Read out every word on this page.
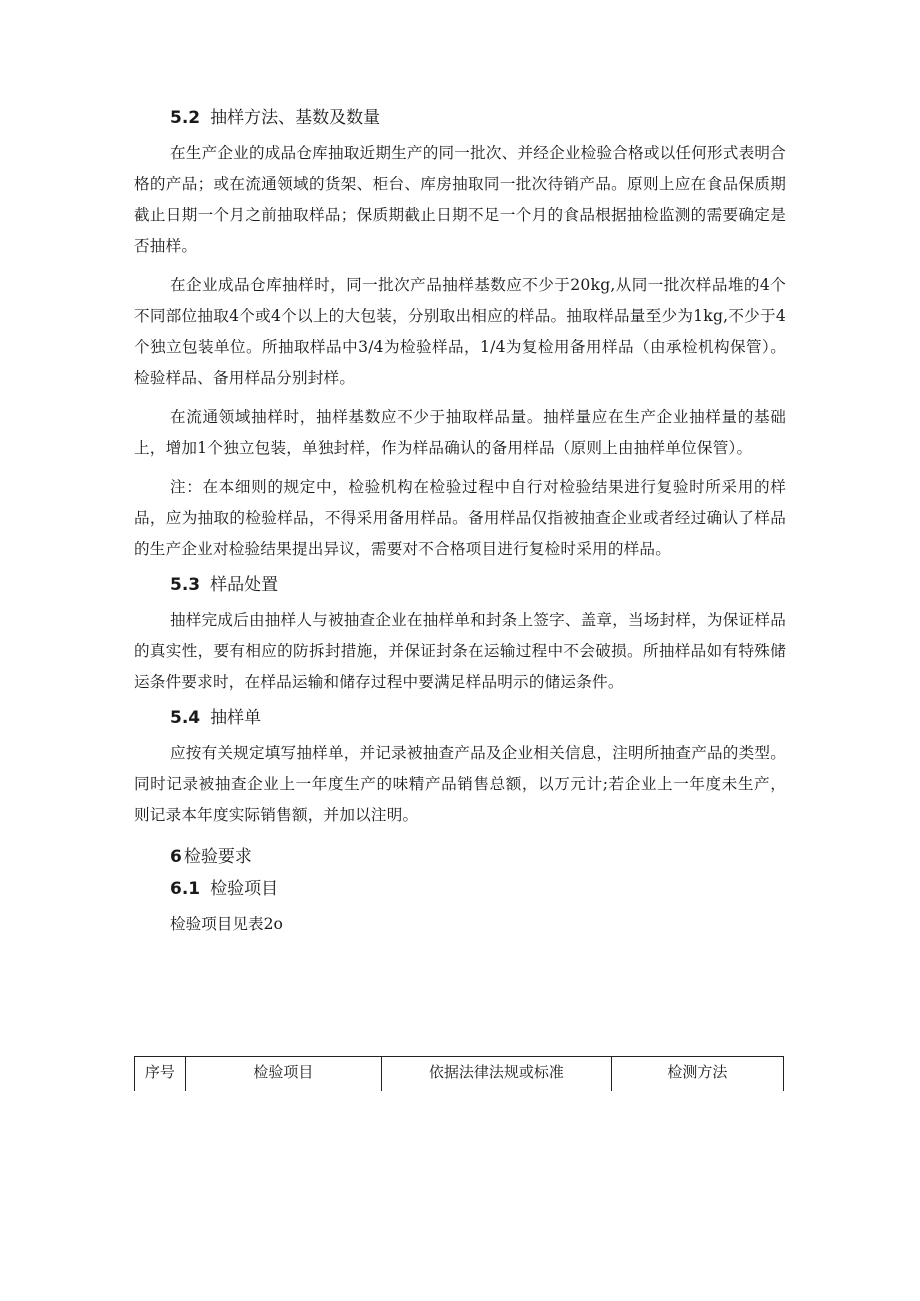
5.2 抽样方法、基数及数量

在生产企业的成品仓库抽取近期生产的同一批次、并经企业检验合格或以任何形式表明合格的产品；或在流通领域的货架、柜台、库房抽取同一批次待销产品。原则上应在食品保质期截止日期一个月之前抽取样品；保质期截止日期不足一个月的食品根据抽检监测的需要确定是否抽样。

在企业成品仓库抽样时，同一批次产品抽样基数应不少于20kg,从同一批次样品堆的4个不同部位抽取4个或4个以上的大包装，分别取出相应的样品。抽取样品量至少为1kg,不少于4个独立包装单位。所抽取样品中3/4为检验样品，1/4为复检用备用样品（由承检机构保管）。检验样品、备用样品分别封样。

在流通领域抽样时，抽样基数应不少于抽取样品量。抽样量应在生产企业抽样量的基础上，增加1个独立包装，单独封样，作为样品确认的备用样品（原则上由抽样单位保管）。

注：在本细则的规定中，检验机构在检验过程中自行对检验结果进行复验时所采用的样品，应为抽取的检验样品，不得采用备用样品。备用样品仅指被抽查企业或者经过确认了样品的生产企业对检验结果提出异议，需要对不合格项目进行复检时采用的样品。

5.3 样品处置

抽样完成后由抽样人与被抽查企业在抽样单和封条上签字、盖章，当场封样，为保证样品的真实性，要有相应的防拆封措施，并保证封条在运输过程中不会破损。所抽样品如有特殊储运条件要求时，在样品运输和储存过程中要满足样品明示的储运条件。

5.4 抽样单

应按有关规定填写抽样单，并记录被抽查产品及企业相关信息，注明所抽查产品的类型。同时记录被抽查企业上一年度生产的味精产品销售总额，以万元计;若企业上一年度未生产，则记录本年度实际销售额，并加以注明。

6 检验要求
6.1 检验项目

检验项目见表2o

序号	检验项目	依据法律法规或标准	检测方法
